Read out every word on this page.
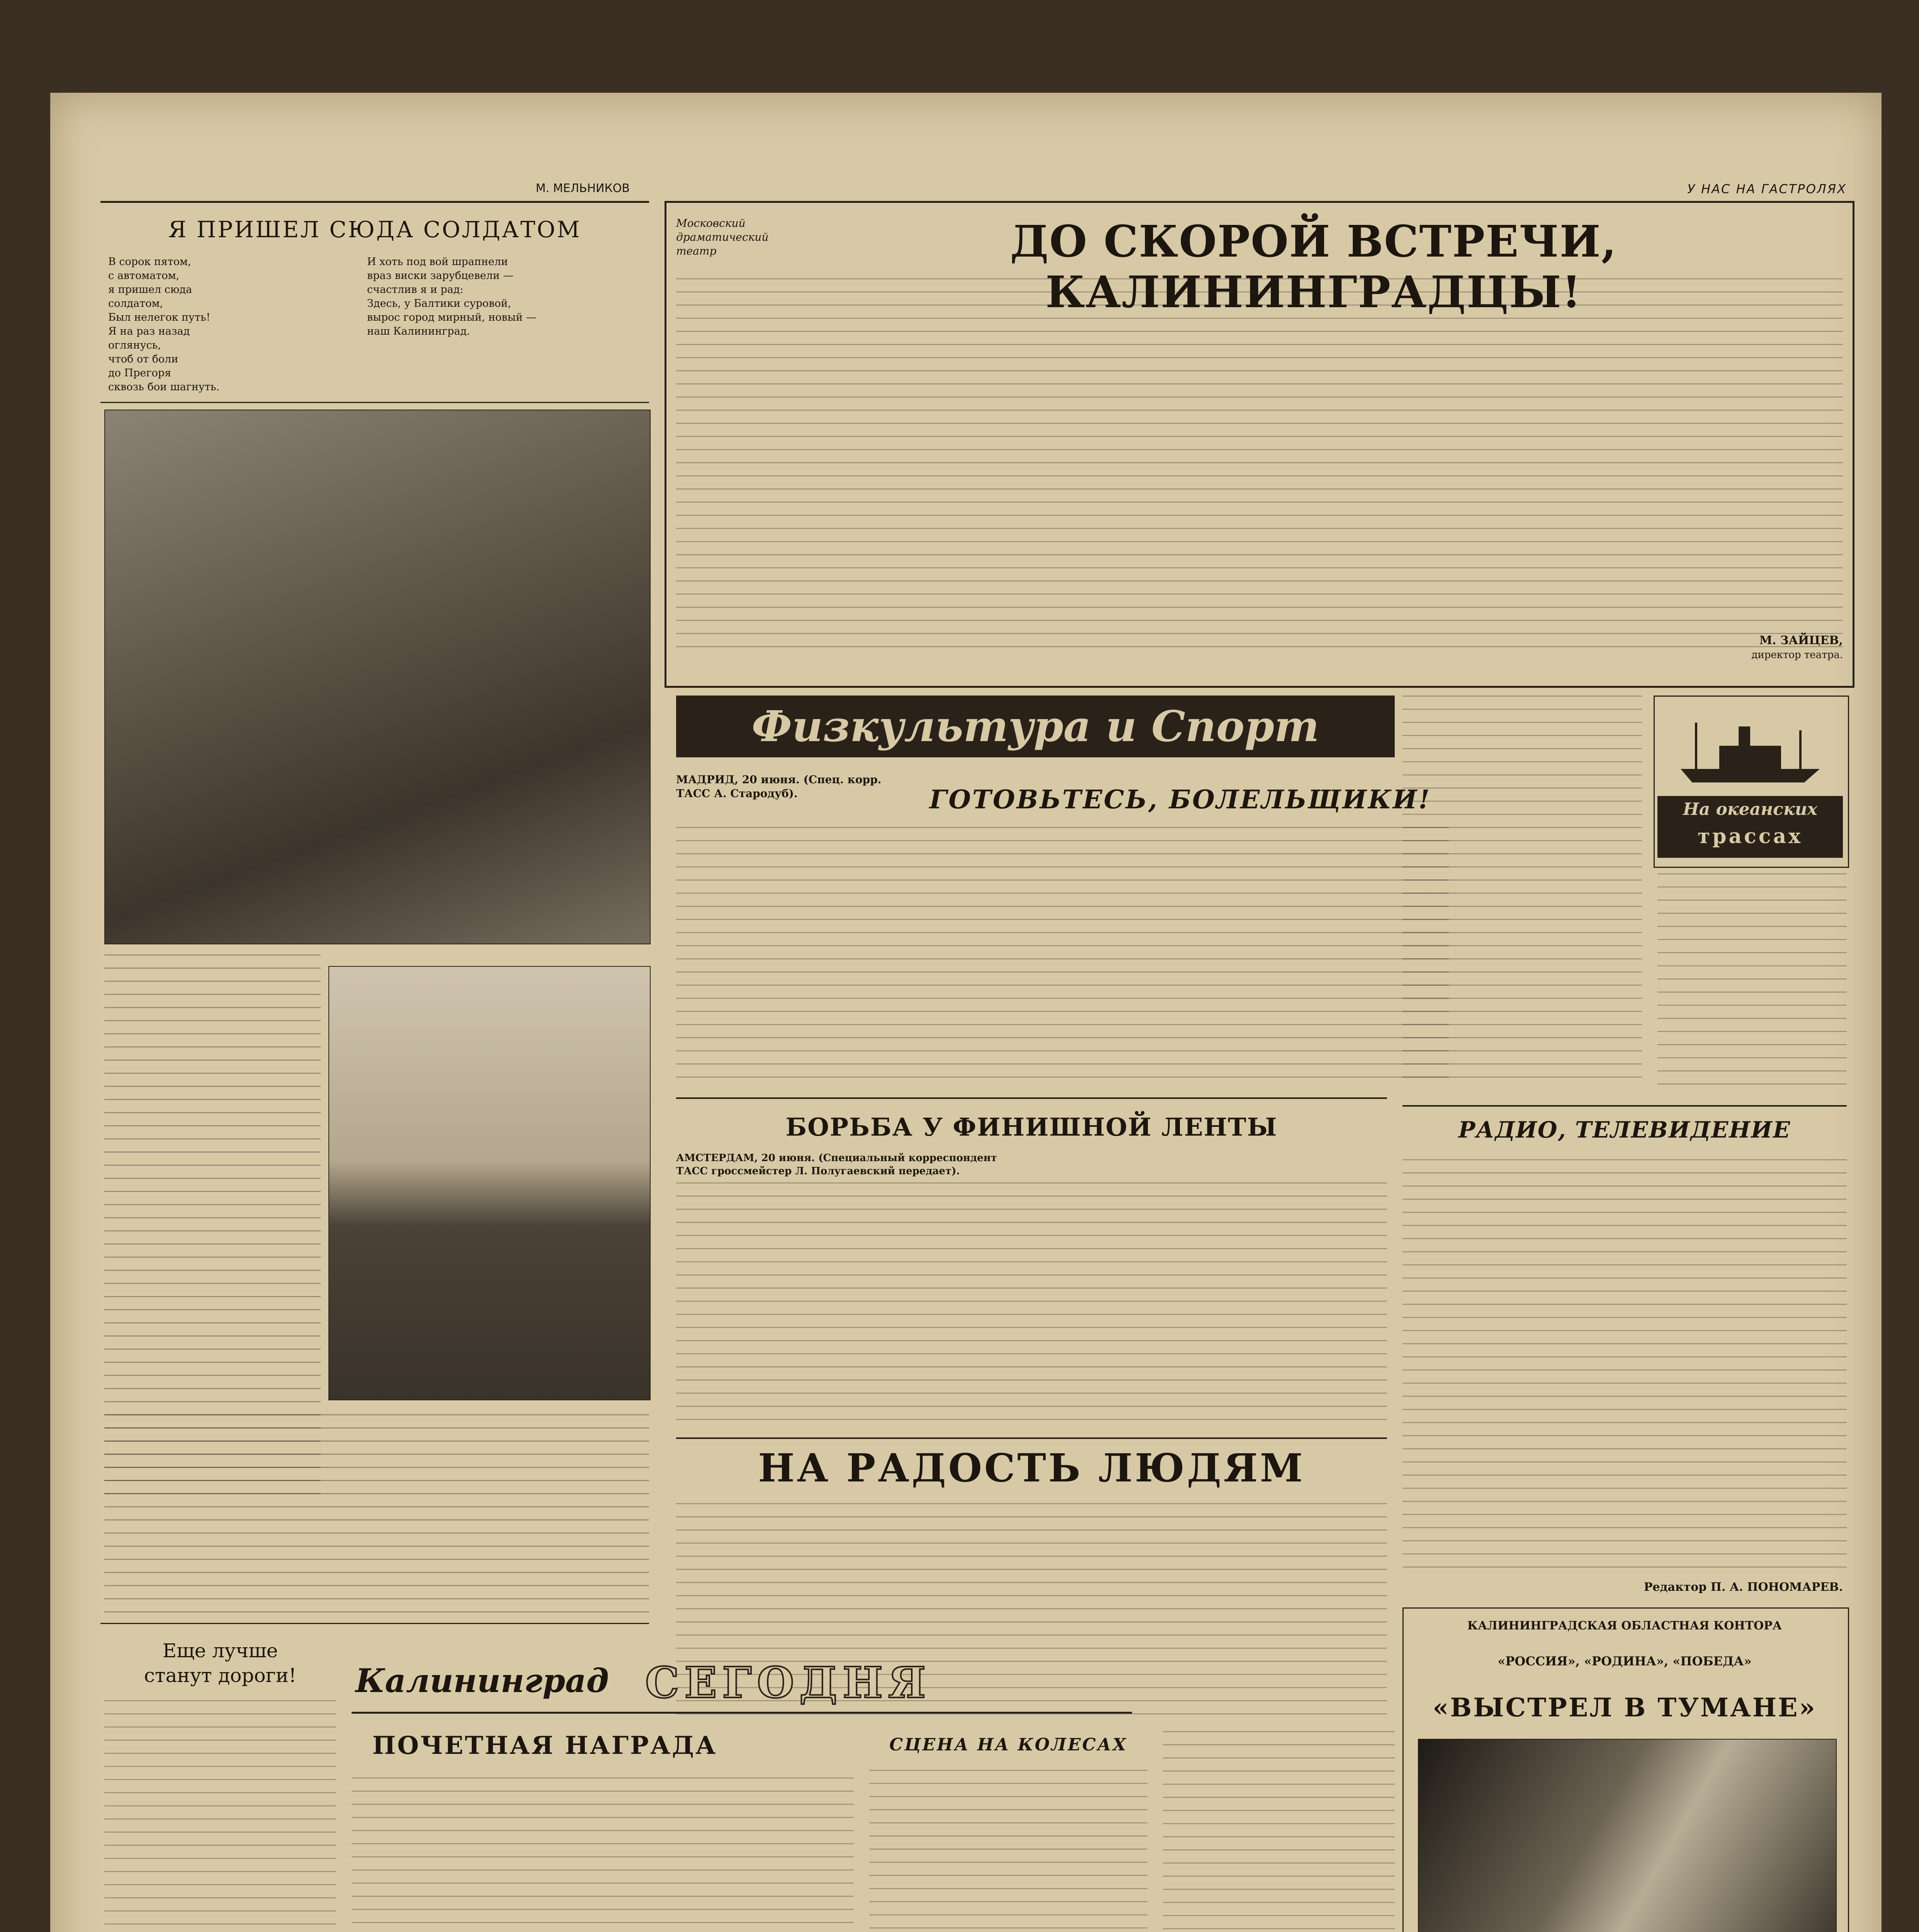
М. МЕЛЬНИКОВ
Я ПРИШЕЛ СЮДА СОЛДАТОМ
В сорок пятом,
с автоматом,
я пришел сюда
солдатом,
Был нелегок путь!
Я на раз назад
оглянусь,
чтоб от боли
до Прегоря
сквозь бои шагнуть.
И хоть под вой шрапнели
враз виски зарубцевели —
счастлив я и рад:
Здесь, у Балтики суровой,
вырос город мирный, новый —
наш Калининград.
У НАС НА ГАСТРОЛЯХ
Московский драматический театр	ДО СКОРОЙ ВСТРЕЧИ, КАЛИНИНГРАДЦЫ!
М. ЗАЙЦЕВ,
директор театра.
Физкультура и Спорт
МАДРИД, 20 июня. (Спец. корр. ТАСС А. Стародуб).	ГОТОВЬТЕСЬ, БОЛЕЛЬЩИКИ!	На океанских
трассах
БОРЬБА У ФИНИШНОЙ ЛЕНТЫ
АМСТЕРДАМ, 20 июня. (Специальный корреспондент ТАСС гроссмейстер Л. Полугаевский передает).
РАДИО, ТЕЛЕВИДЕНИЕ
Редактор П. А. ПОНОМАРЕВ.
НА РАДОСТЬ ЛЮДЯМ
Еще лучше
станут дороги!	Калининград СЕГОДНЯ
ПОЧЕТНАЯ НАГРАДА	СЦЕНА НА КОЛЕСАХ
КАЛИНИНГРАДСКАЯ ОБЛАСТНАЯ КОНТОРА
«РОССИЯ», «РОДИНА», «ПОБЕДА»
«ВЫСТРЕЛ В ТУМАНЕ»
